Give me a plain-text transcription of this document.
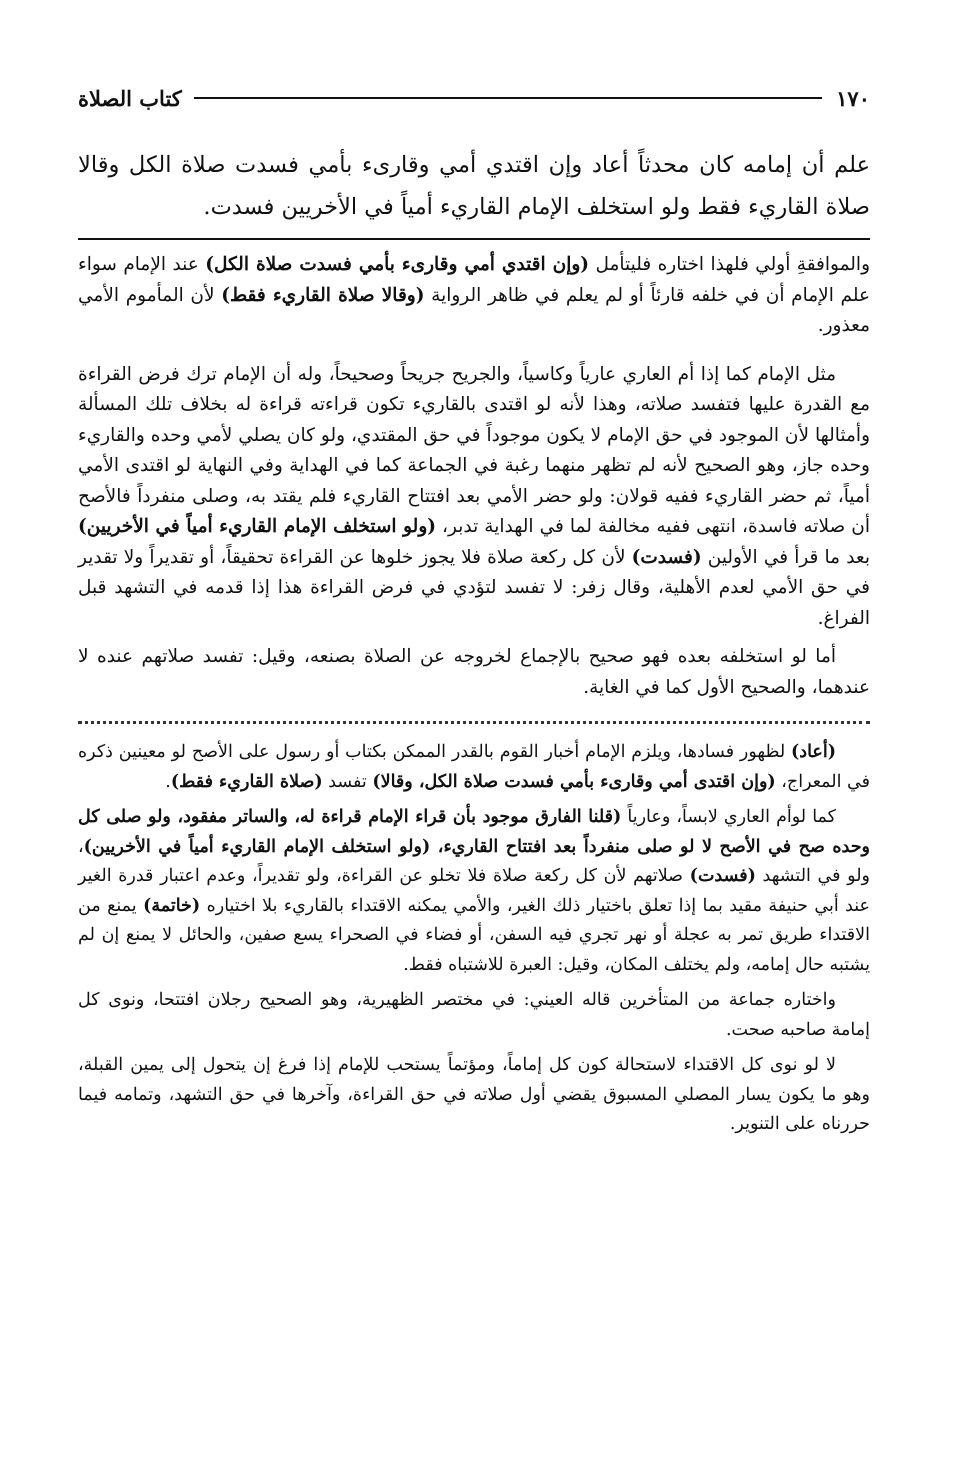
١٧٠
كتاب الصلاة

علم أن إمامه كان محدثاً أعاد وإن اقتدي أمي وقارىء بأمي فسدت صلاة الكل وقالا صلاة القاريء فقط ولو استخلف الإمام القاريء أمياً في الأخريين فسدت.

والموافقةِ أولي فلهذا اختاره فليتأمل (وإن اقتدي أمي وقارىء بأمي فسدت صلاة الكل) عند الإمام سواء علم الإمام أن في خلفه قارئاً أو لم يعلم في ظاهر الرواية (وقالا صلاة القاريء فقط) لأن المأموم الأمي معذور.

مثل الإمام كما إذا أم العاري عارياً وكاسياً، والجريح جريحاً وصحيحاً، وله أن الإمام ترك فرض القراءة مع القدرة عليها فتفسد صلاته، وهذا لأنه لو اقتدى بالقاريء تكون قراءته قراءة له بخلاف تلك المسألة وأمثالها لأن الموجود في حق الإمام لا يكون موجوداً في حق المقتدي، ولو كان يصلي لأمي وحده والقاريء وحده جاز، وهو الصحيح لأنه لم تظهر منهما رغبة في الجماعة كما في الهداية وفي النهاية لو اقتدى الأمي أمياً، ثم حضر القاريء ففيه قولان: ولو حضر الأمي بعد افتتاح القاريء فلم يقتد به، وصلى منفرداً فالأصح أن صلاته فاسدة، انتهى ففيه مخالفة لما في الهداية تدبر، (ولو استخلف الإمام القاريء أمياً في الأخريين) بعد ما قرأ في الأولين (فسدت) لأن كل ركعة صلاة فلا يجوز خلوها عن القراءة تحقيقاً، أو تقديراً ولا تقدير في حق الأمي لعدم الأهلية، وقال زفر: لا تفسد لتؤدي في فرض القراءة هذا إذا قدمه في التشهد قبل الفراغ.

أما لو استخلفه بعده فهو صحيح بالإجماع لخروجه عن الصلاة بصنعه، وقيل: تفسد صلاتهم عنده لا عندهما، والصحيح الأول كما في الغاية.

(أعاد) لظهور فسادها، ويلزم الإمام أخبار القوم بالقدر الممكن بكتاب أو رسول على الأصح لو معينين ذكره في المعراج، (وإن اقتدى أمي وقارىء بأمي فسدت صلاة الكل، وقالا) تفسد (صلاة القاريء فقط).

كما لوأم العاري لابساً، وعارياً (قلنا الفارق موجود بأن قراء الإمام قراءة له، والساتر مفقود، ولو صلى كل وحده صح في الأصح لا لو صلى منفرداً بعد افتتاح القاريء، (ولو استخلف الإمام القاريء أمياً في الأخريين)، ولو في التشهد (فسدت) صلاتهم لأن كل ركعة صلاة فلا تخلو عن القراءة، ولو تقديراً، وعدم اعتبار قدرة الغير عند أبي حنيفة مقيد بما إذا تعلق باختيار ذلك الغير، والأمي يمكنه الاقتداء بالقاريء بلا اختياره (خاتمة) يمنع من الاقتداء طريق تمر به عجلة أو نهر تجري فيه السفن، أو فضاء في الصحراء يسع صفين، والحائل لا يمنع إن لم يشتبه حال إمامه، ولم يختلف المكان، وقيل: العبرة للاشتباه فقط.

واختاره جماعة من المتأخرين قاله العيني: في مختصر الظهيرية، وهو الصحيح رجلان افتتحا، ونوى كل إمامة صاحبه صحت.

لا لو نوى كل الاقتداء لاستحالة كون كل إماماً، ومؤتماً يستحب للإمام إذا فرغ إن يتحول إلى يمين القبلة، وهو ما يكون يسار المصلي المسبوق يقضي أول صلاته في حق القراءة، وآخرها في حق التشهد، وتمامه فيما حررناه على التنوير.
